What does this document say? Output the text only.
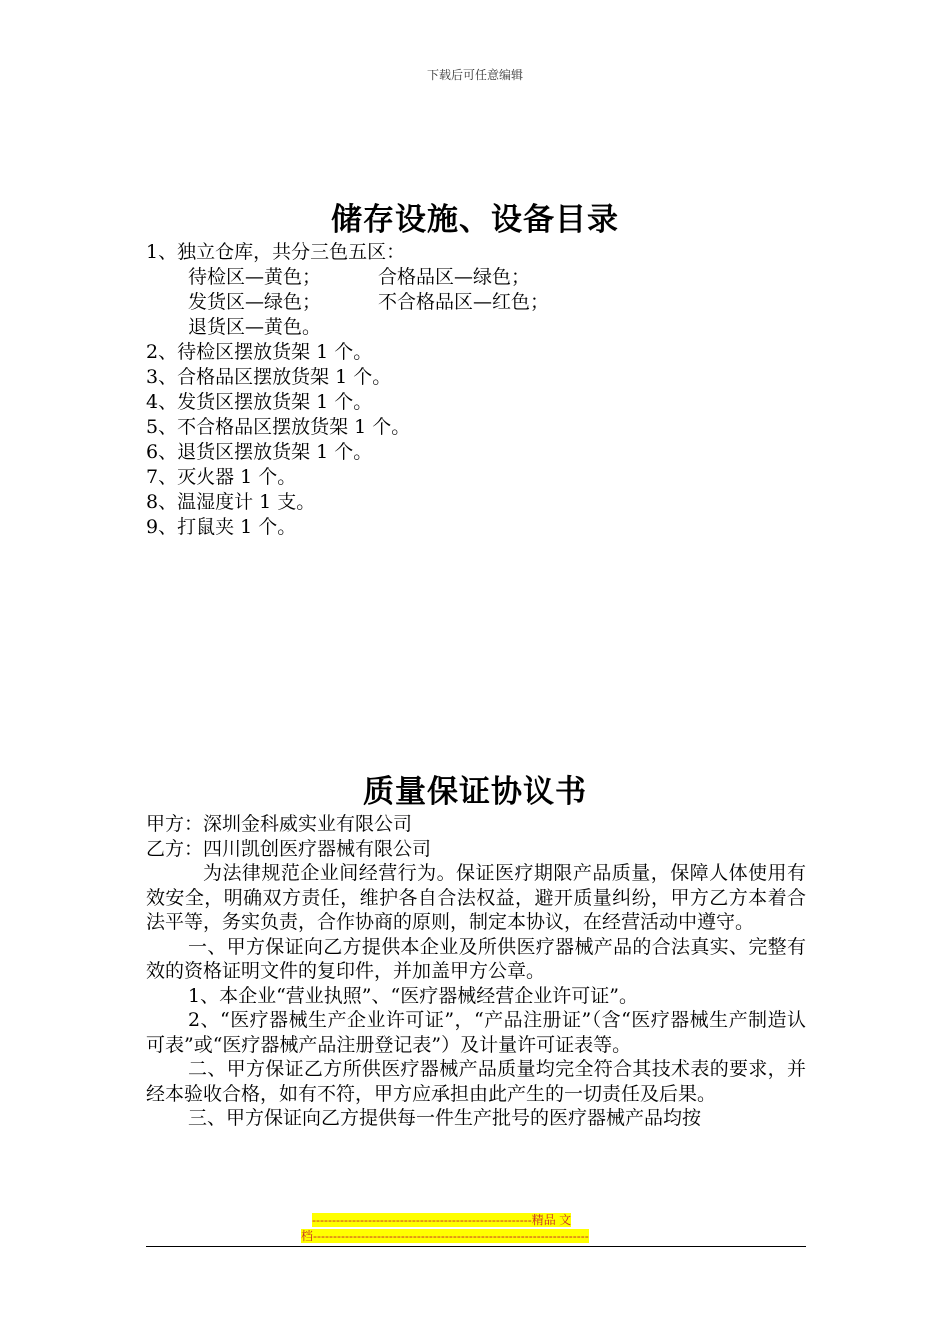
下载后可任意编辑
储存设施、设备目录
1、独立仓库，共分三色五区：
待检区—黄色；	合格品区—绿色；
发货区—绿色；	不合格品区—红色；
退货区—黄色。
2、待检区摆放货架 1 个。
3、合格品区摆放货架 1 个。
4、发货区摆放货架 1 个。
5、不合格品区摆放货架 1 个。
6、退货区摆放货架 1 个。
7、灭火器 1 个。
8、温湿度计 1 支。
9、打鼠夹 1 个。
质量保证协议书

甲方：深圳金科威实业有限公司

乙方：四川凯创医疗器械有限公司

为法律规范企业间经营行为。保证医疗期限产品质量，保障人体使用有效安全，明确双方责任，维护各自合法权益，避开质量纠纷，甲方乙方本着合法平等，务实负责，合作协商的原则，制定本协议，在经营活动中遵守。

一、甲方保证向乙方提供本企业及所供医疗器械产品的合法真实、完整有效的资格证明文件的复印件，并加盖甲方公章。

1、本企业“营业执照”、“医疗器械经营企业许可证”。

2、“医疗器械生产企业许可证”，“产品注册证”（含“医疗器械生产制造认可表”或“医疗器械产品注册登记表”）及计量许可证表等。

二、甲方保证乙方所供医疗器械产品质量均完全符合其技术表的要求，并经本验收合格，如有不符，甲方应承担由此产生的一切责任及后果。

三、甲方保证向乙方提供每一件生产批号的医疗器械产品均按

-------------------------------------------------------精品 文
档---------------------------------------------------------------------
